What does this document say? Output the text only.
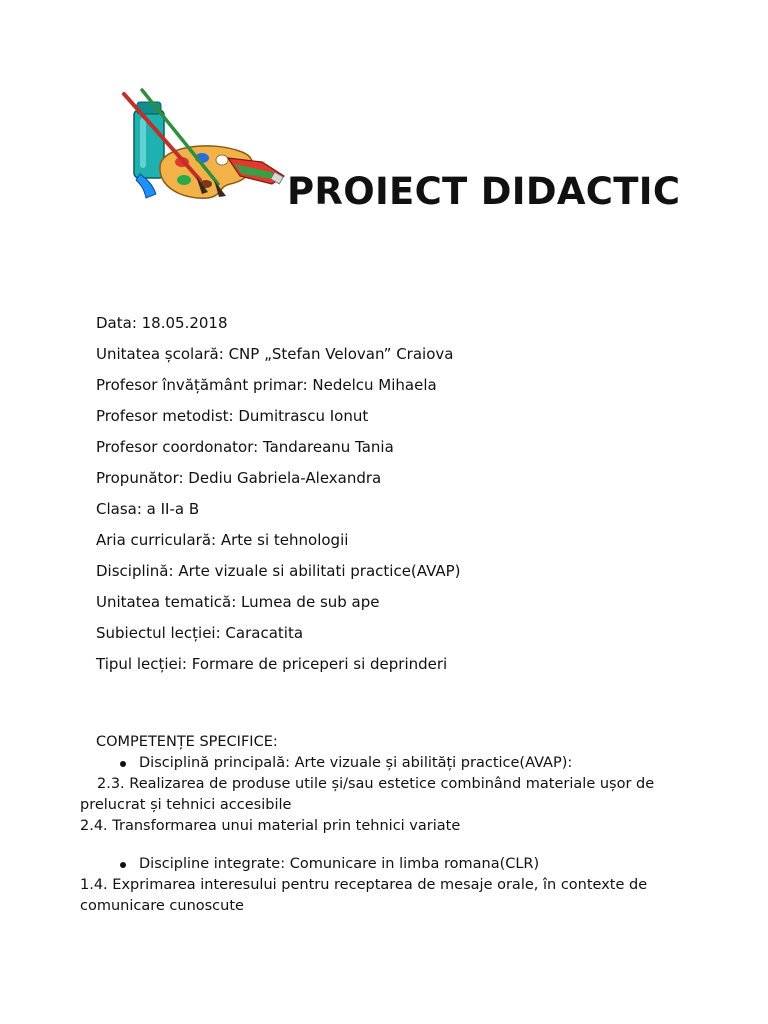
PROIECT DIDACTIC
Data: 18.05.2018
Unitatea școlară: CNP „Stefan Velovan” Craiova
Profesor învățământ primar: Nedelcu Mihaela
Profesor metodist: Dumitrascu Ionut
Profesor coordonator: Tandareanu Tania
Propunător: Dediu Gabriela-Alexandra
Clasa: a II-a B
Aria curriculară: Arte si tehnologii
Disciplină: Arte vizuale si abilitati practice(AVAP)
Unitatea tematică: Lumea de sub ape
Subiectul lecției: Caracatita
Tipul lecției: Formare de priceperi si deprinderi
COMPETENȚE SPECIFICE:
Disciplină principală: Arte vizuale și abilități practice(AVAP):
2.3. Realizarea de produse utile și/sau estetice combinând materiale ușor de prelucrat și tehnici accesibile
2.4. Transformarea unui material prin tehnici variate
Discipline integrate: Comunicare in limba romana(CLR)
1.4. Exprimarea interesului pentru receptarea de mesaje orale, în contexte de comunicare cunoscute
